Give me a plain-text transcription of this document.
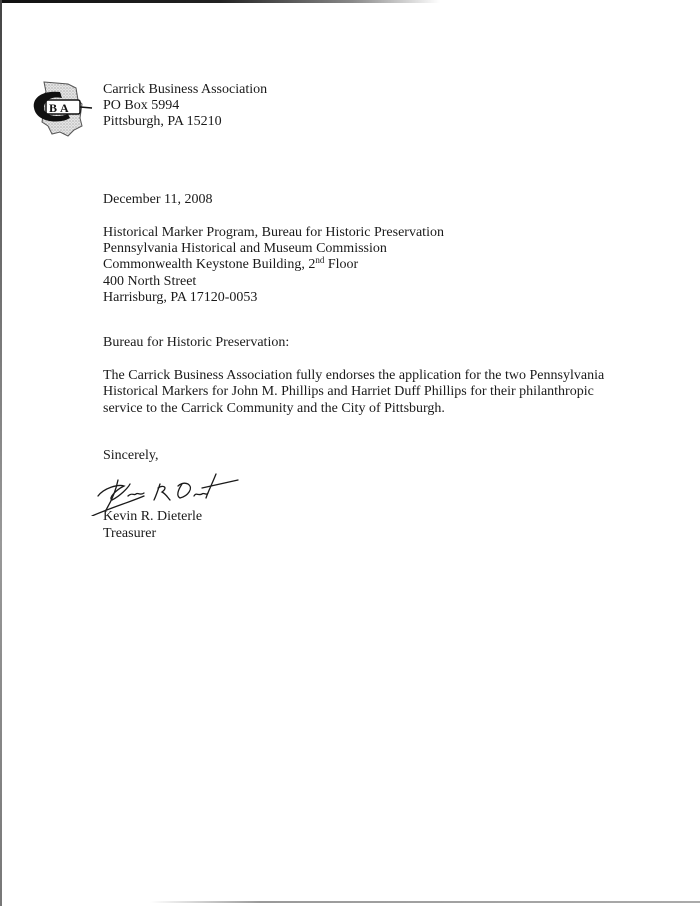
B A
Carrick Business Association
PO Box 5994
Pittsburgh, PA 15210
December 11, 2008
Historical Marker Program, Bureau for Historic Preservation
Pennsylvania Historical and Museum Commission
Commonwealth Keystone Building, 2nd Floor
400 North Street
Harrisburg, PA 17120-0053
Bureau for Historic Preservation:
The Carrick Business Association fully endorses the application for the two Pennsylvania
Historical Markers for John M. Phillips and Harriet Duff Phillips for their philanthropic
service to the Carrick Community and the City of Pittsburgh.
Sincerely,
Kevin R. Dieterle
Treasurer
